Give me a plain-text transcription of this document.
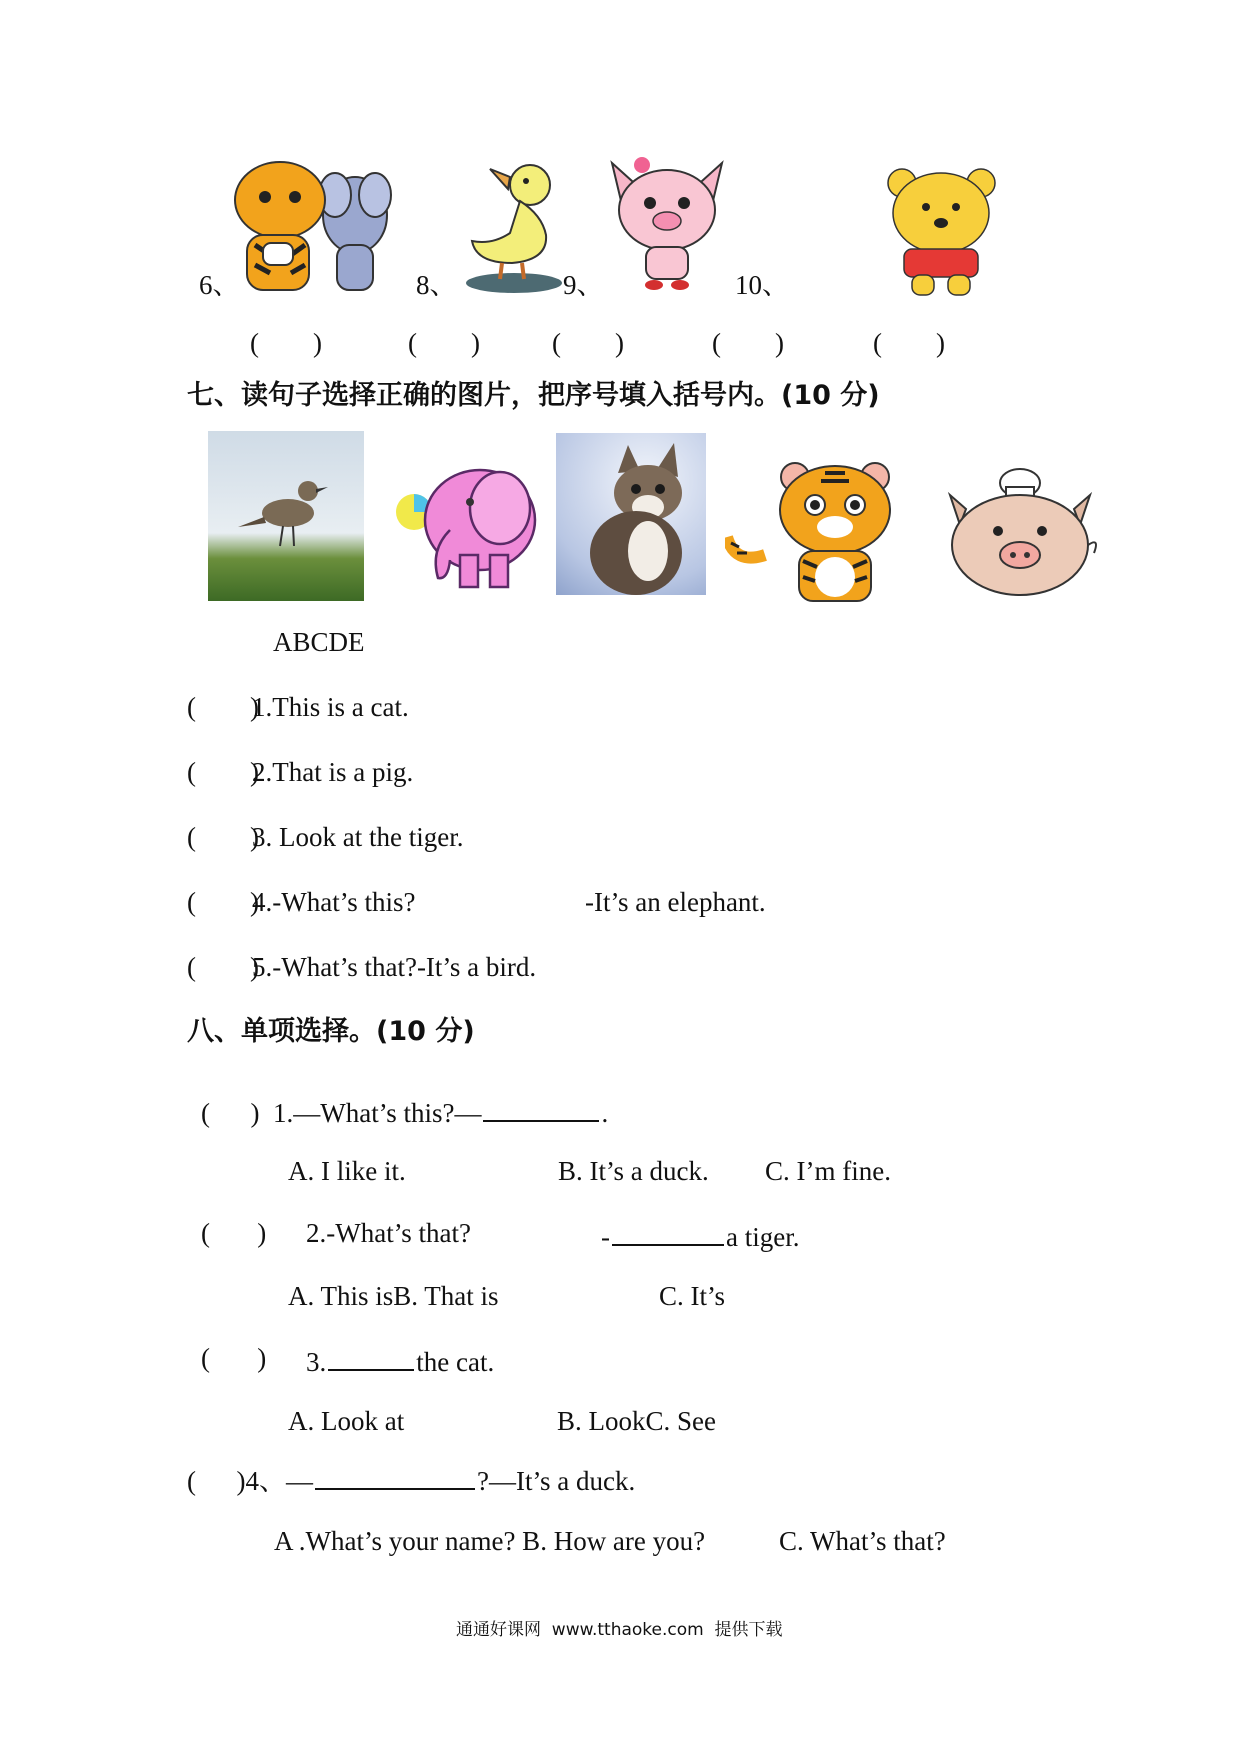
6、	8、	9、	10、
(        )	(        )	(        )	(        )	(        )
七、读句子选择正确的图片，把序号填入括号内。(10 分)
ABCDE
(        )
1.This is a cat.
(        )
2.That is a pig.
(        )
3. Look at the tiger.
(        )
4.-What’s this?	-It’s an elephant.
(        )
5.-What’s that?-It’s a bird.
八、单项选择。(10 分)
(      ) 1.—What’s this?—	.
A. I like it.	B. It’s a duck. C. I’m fine.
(       ) 2.-What’s that?	-	a tiger.
A. This isB. That is	C. It’s
(       ) 3.	the cat.
A. Look at	B. LookC. See
(      )4、—	?—It’s a duck.
A .What’s your name? B. How are you?	C. What’s that?
通通好课网  www.tthaoke.com  提供下载
